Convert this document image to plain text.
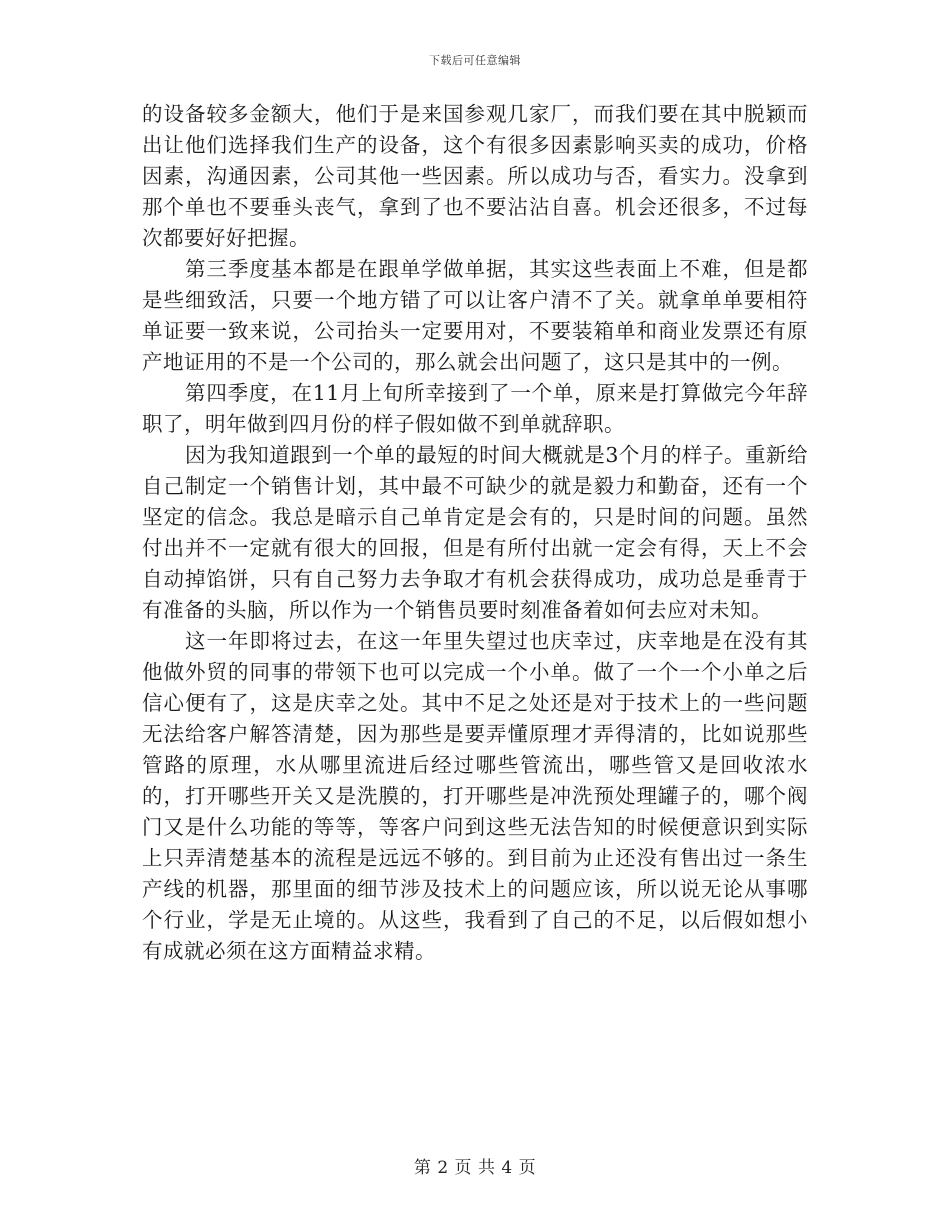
下载后可任意编辑

的设备较多金额大，他们于是来国参观几家厂，而我们要在其中脱颖而出让他们选择我们生产的设备，这个有很多因素影响买卖的成功，价格因素，沟通因素，公司其他一些因素。所以成功与否，看实力。没拿到那个单也不要垂头丧气，拿到了也不要沾沾自喜。机会还很多，不过每次都要好好把握。

第三季度基本都是在跟单学做单据，其实这些表面上不难，但是都是些细致活，只要一个地方错了可以让客户清不了关。就拿单单要相符单证要一致来说，公司抬头一定要用对，不要装箱单和商业发票还有原产地证用的不是一个公司的，那么就会出问题了，这只是其中的一例。

第四季度，在11月上旬所幸接到了一个单，原来是打算做完今年辞职了，明年做到四月份的样子假如做不到单就辞职。

因为我知道跟到一个单的最短的时间大概就是3个月的样子。重新给自己制定一个销售计划，其中最不可缺少的就是毅力和勤奋，还有一个坚定的信念。我总是暗示自己单肯定是会有的，只是时间的问题。虽然付出并不一定就有很大的回报，但是有所付出就一定会有得，天上不会自动掉馅饼，只有自己努力去争取才有机会获得成功，成功总是垂青于有准备的头脑，所以作为一个销售员要时刻准备着如何去应对未知。

这一年即将过去，在这一年里失望过也庆幸过，庆幸地是在没有其他做外贸的同事的带领下也可以完成一个小单。做了一个一个小单之后信心便有了，这是庆幸之处。其中不足之处还是对于技术上的一些问题无法给客户解答清楚，因为那些是要弄懂原理才弄得清的，比如说那些管路的原理，水从哪里流进后经过哪些管流出，哪些管又是回收浓水的，打开哪些开关又是洗膜的，打开哪些是冲洗预处理罐子的，哪个阀门又是什么功能的等等，等客户问到这些无法告知的时候便意识到实际上只弄清楚基本的流程是远远不够的。到目前为止还没有售出过一条生产线的机器，那里面的细节涉及技术上的问题应该，所以说无论从事哪个行业，学是无止境的。从这些，我看到了自己的不足，以后假如想小有成就必须在这方面精益求精。

第 2 页 共 4 页
